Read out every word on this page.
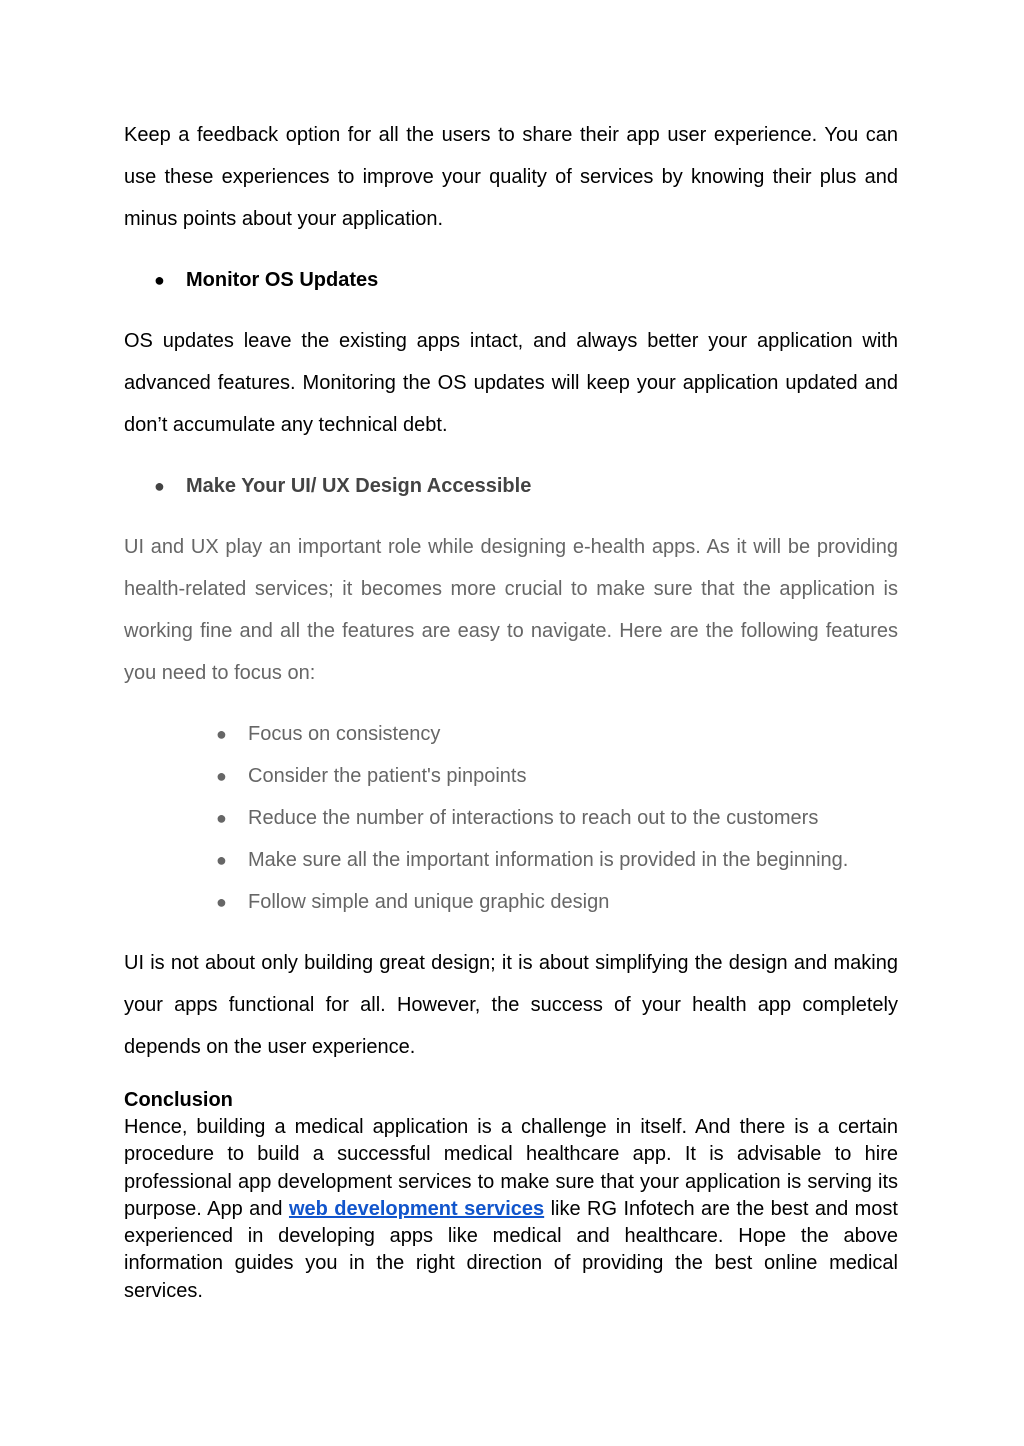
Keep a feedback option for all the users to share their app user experience. You can use these experiences to improve your quality of services by knowing their plus and minus points about your application.

● Monitor OS Updates

OS updates leave the existing apps intact, and always better your application with advanced features. Monitoring the OS updates will keep your application updated and don’t accumulate any technical debt.

● Make Your UI/ UX Design Accessible

UI and UX play an important role while designing e-health apps. As it will be providing health-related services; it becomes more crucial to make sure that the application is working fine and all the features are easy to navigate. Here are the following features you need to focus on:

● Focus on consistency
● Consider the patient's pinpoints
● Reduce the number of interactions to reach out to the customers
● Make sure all the important information is provided in the beginning.
● Follow simple and unique graphic design

UI is not about only building great design; it is about simplifying the design and making your apps functional for all. However, the success of your health app completely depends on the user experience.

Conclusion

Hence, building a medical application is a challenge in itself. And there is a certain procedure to build a successful medical healthcare app. It is advisable to hire professional app development services to make sure that your application is serving its purpose. App and web development services like RG Infotech are the best and most experienced in developing apps like medical and healthcare. Hope the above information guides you in the right direction of providing the best online medical services.
